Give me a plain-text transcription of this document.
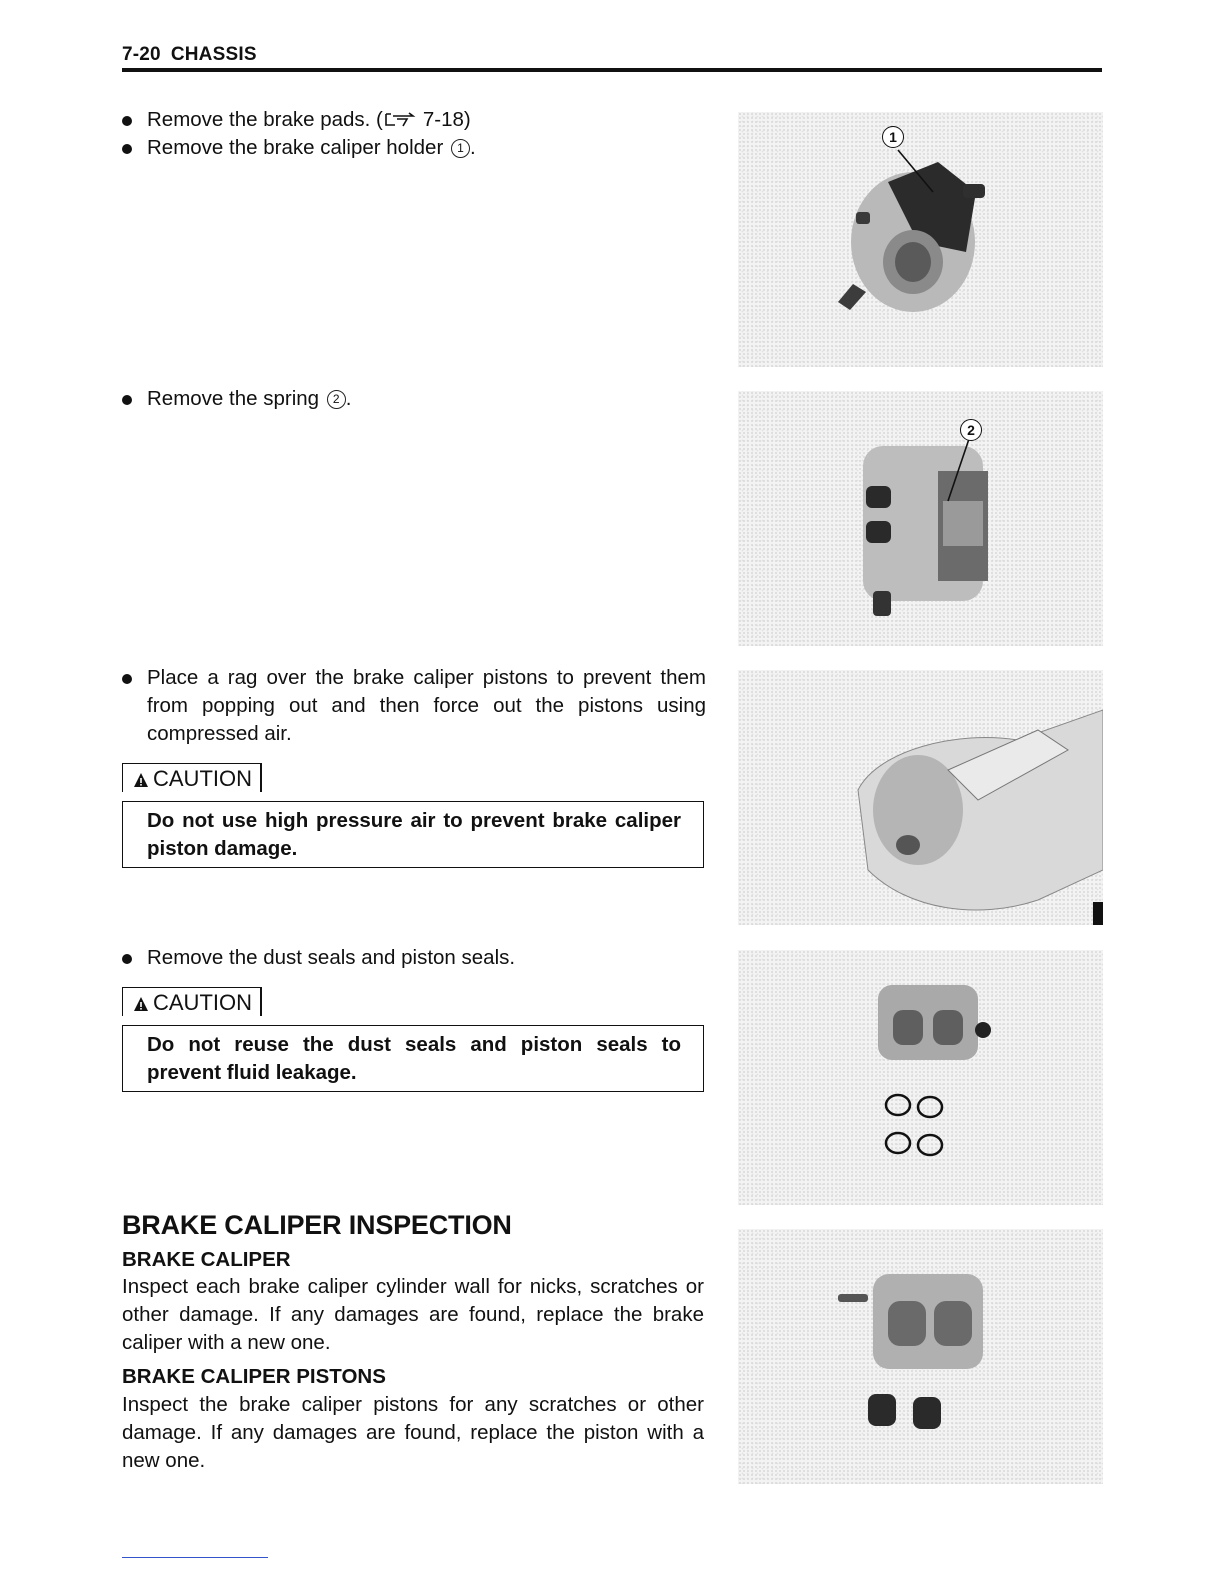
7-20 CHASSIS
Remove the brake pads. ( 7-18)
Remove the brake caliper holder 1 .
Remove the spring 2 .
Place a rag over the brake caliper pistons to prevent them from popping out and then force out the pistons using compressed air.
CAUTION
Do not use high pressure air to prevent brake caliper piston damage.
Remove the dust seals and piston seals.
CAUTION
Do not reuse the dust seals and piston seals to prevent fluid leakage.
BRAKE CALIPER INSPECTION
BRAKE CALIPER
Inspect each brake caliper cylinder wall for nicks, scratches or other damage. If any damages are found, replace the brake caliper with a new one.
BRAKE CALIPER PISTONS
Inspect the brake caliper pistons for any scratches or other damage. If any damages are found, replace the piston with a new one.
1
2
